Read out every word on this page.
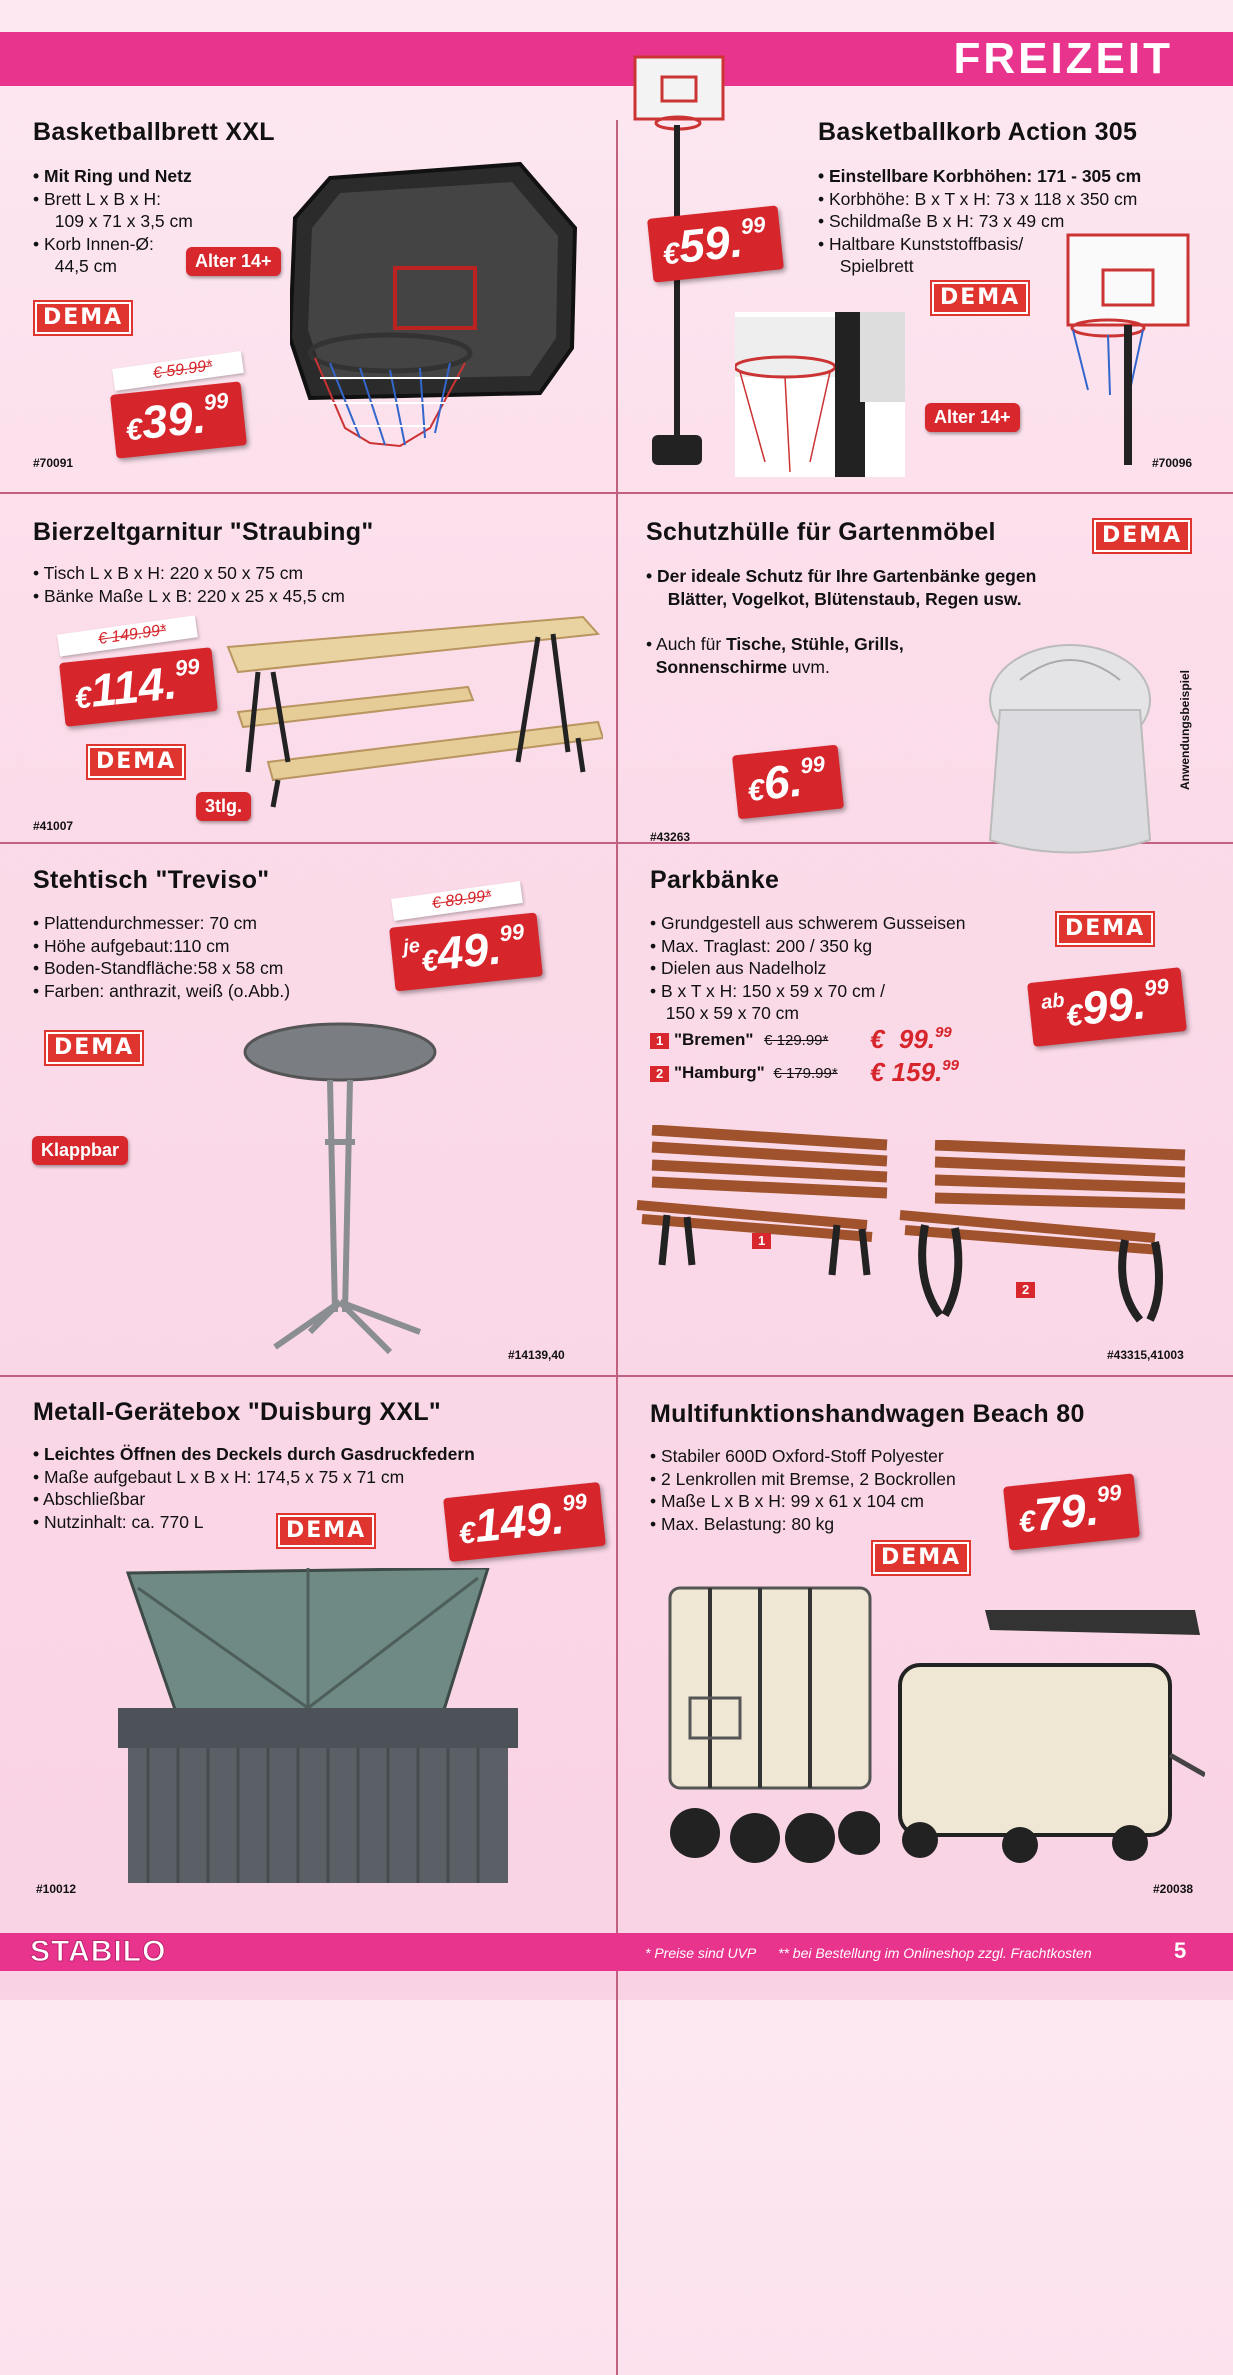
FREIZEIT
Basketballbrett XXL
• Mit Ring und Netz
• Brett L x B x H:
109 x 71 x 3,5 cm
• Korb Innen-Ø:
44,5 cm	Alter 14+
DEMA
€ 59.99*
€39.99
#70091
€59.99
Basketballkorb Action 305
• Einstellbare Korbhöhen: 171 - 305 cm
• Korbhöhe: B x T x H: 73 x 118 x 350 cm
• Schildmaße B x H: 73 x 49 cm
• Haltbare Kunststoffbasis/
Spielbrett
DEMA
Alter 14+
#70096
Bierzeltgarnitur "Straubing"
• Tisch L x B x H: 220 x 50 x 75 cm
• Bänke Maße L x B: 220 x 25 x 45,5 cm
€ 149.99*
€114.99
DEMA
3tlg.
#41007
Schutzhülle für Gartenmöbel	DEMA
• Der ideale Schutz für Ihre Gartenbänke gegen
Blätter, Vogelkot, Blütenstaub, Regen usw.
• Auch für Tische, Stühle, Grills,
Sonnenschirme uvm.
Anwendungsbeispiel
€6.99
#43263
Stehtisch "Treviso"
• Plattendurchmesser: 70 cm
• Höhe aufgebaut:110 cm
• Boden-Standfläche:58 x 58 cm
• Farben: anthrazit, weiß (o.Abb.)
€ 89.99*
je€49.99
DEMA
Klappbar
#14139,40
Parkbänke
• Grundgestell aus schwerem Gusseisen
• Max. Traglast: 200 / 350 kg
• Dielen aus Nadelholz
• B x T x H: 150 x 59 x 70 cm /
150 x 59 x 70 cm
1 "Bremen" € 129.99* €  99.99
2 "Hamburg" € 179.99* € 159.99
DEMA
ab€99.99
1
2
#43315,41003
Metall-Gerätebox "Duisburg XXL"
• Leichtes Öffnen des Deckels durch Gasdruckfedern
• Maße aufgebaut L x B x H: 174,5 x 75 x 71 cm
• Abschließbar
• Nutzinhalt: ca. 770 L	DEMA	€149.99
#10012
Multifunktionshandwagen Beach 80
• Stabiler 600D Oxford-Stoff Polyester
• 2 Lenkrollen mit Bremse, 2 Bockrollen
• Maße L x B x H: 99 x 61 x 104 cm
• Max. Belastung: 80 kg	€79.99
DEMA
#20038
STABILO	* Preise sind UVP ** bei Bestellung im Onlineshop zzgl. Frachtkosten	5
